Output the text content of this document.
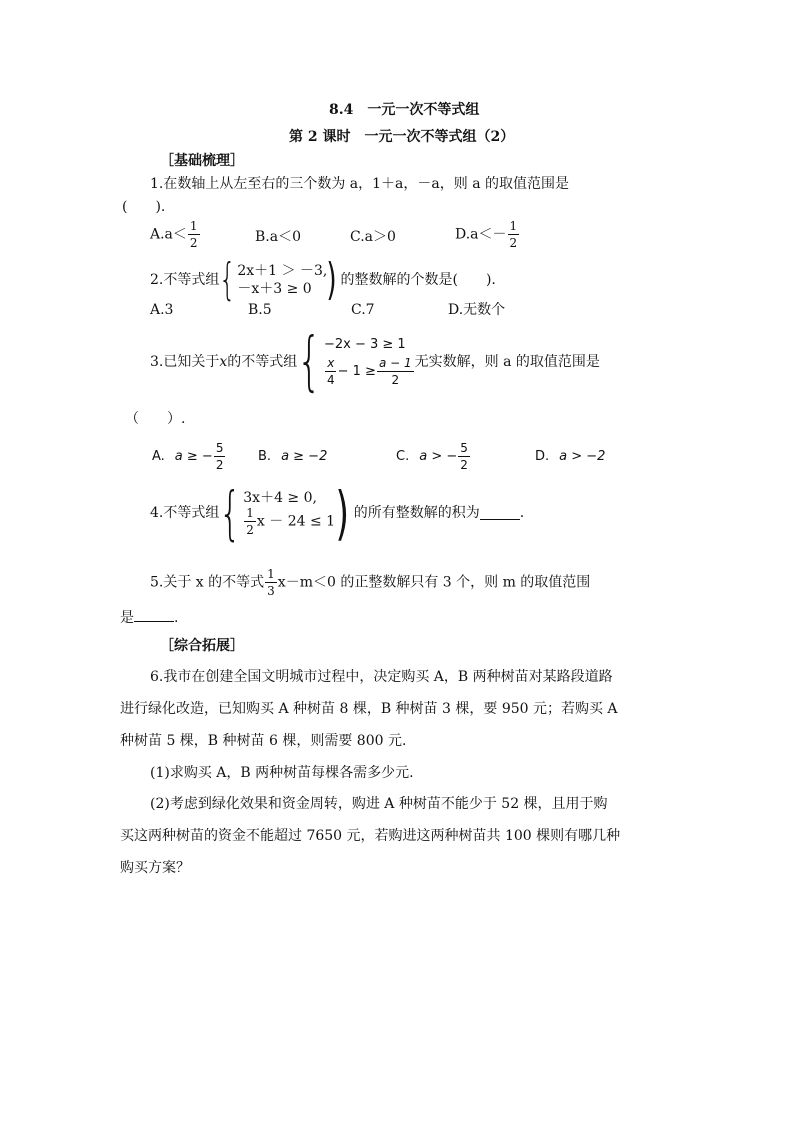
8.4　一元一次不等式组
第 2 课时　一元一次不等式组（2）
［基础梳理］
1.在数轴上从左至右的三个数为 a，1＋a，－a，则 a 的取值范围是
(　　).
$A.a< \frac{1}{2}$	B.a＜0	C.a＞0	$D.a<- \frac{1}{2}$
2.不等式组 { 2x＋1 ＞ －3,
－x＋3 ≥ 0 ) 的整数解的个数是(　　).
A.3	B.5	C.7	D.无数个
3.已知关于x的不等式组 { −2x − 3 ≥ 1
$\frac{x}{4} - 1 \ge \frac{a - 1}{2}$ 无实数解，则 a 的取值范围是
（　　）.
A. a ≥ − $\frac{5}{2}$	B. a ≥ −2	C. a > − $\frac{5}{2}$	D. a > −2
4.不等式组 { 3x＋4 ≥ 0,
$\frac{1}{2}$ x － 24 ≤ 1 ) 的所有整数解的积为	.
5.关于 x 的不等式 $\frac{1}{3} x-m<0$ 的正整数解只有 3 个，则 m 的取值范围
是	.
［综合拓展］
6.我市在创建全国文明城市过程中，决定购买 A，B 两种树苗对某路段道路
进行绿化改造，已知购买 A 种树苗 8 棵，B 种树苗 3 棵，要 950 元；若购买 A
种树苗 5 棵，B 种树苗 6 棵，则需要 800 元.
(1)求购买 A，B 两种树苗每棵各需多少元.
(2)考虑到绿化效果和资金周转，购进 A 种树苗不能少于 52 棵，且用于购
买这两种树苗的资金不能超过 7650 元，若购进这两种树苗共 100 棵则有哪几种
购买方案？
